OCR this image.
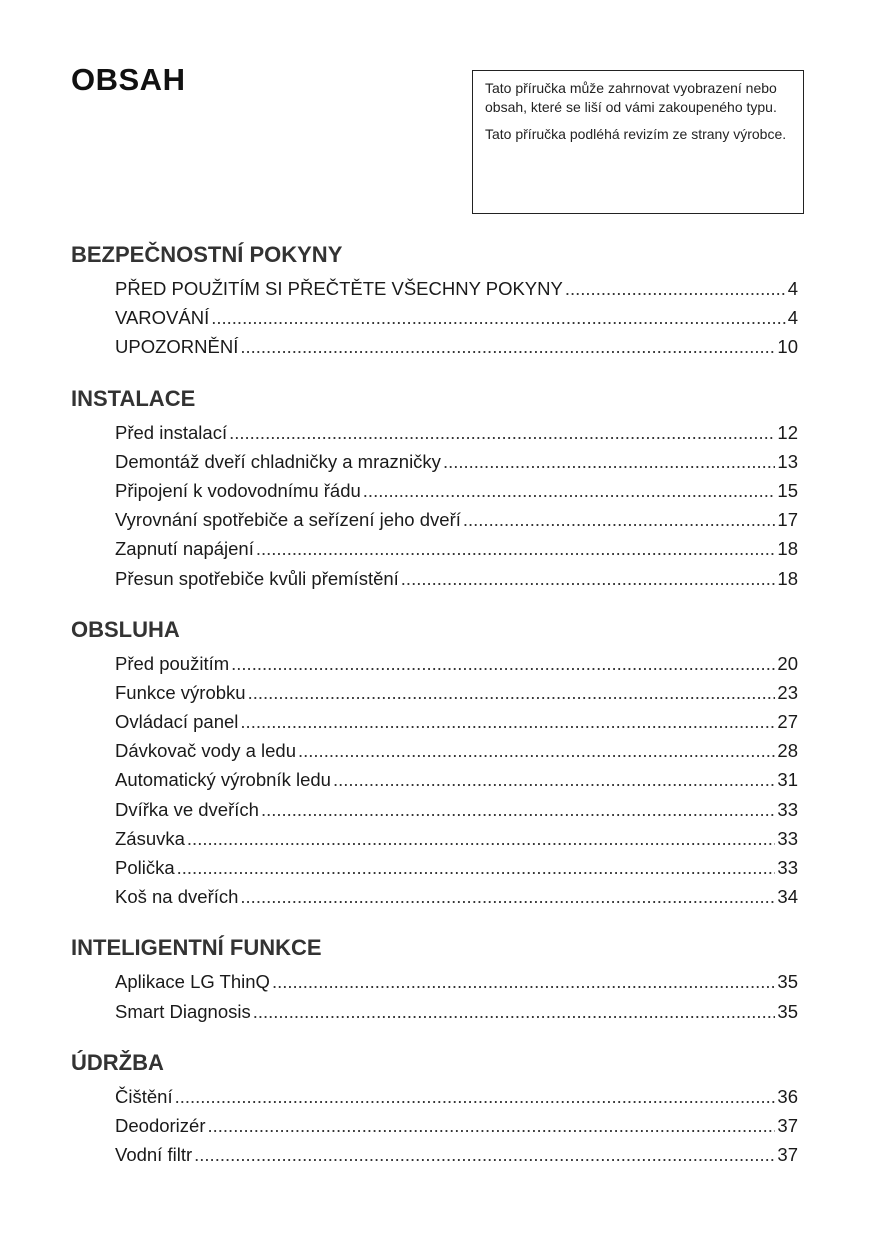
OBSAH	Tato příručka může zahrnovat vyobrazení nebo obsah, které se liší od vámi zakoupeného typu.

Tato příručka podléhá revizím ze strany výrobce.

BEZPEČNOSTNÍ POKYNY
PŘED POUŽITÍM SI PŘEČTĚTE VŠECHNY POKYNY .....	4
VAROVÁNÍ .....	4
UPOZORNĚNÍ .....	10
INSTALACE
Před instalací .....	12
Demontáž dveří chladničky a mrazničky .....	13
Připojení k vodovodnímu řádu .....	15
Vyrovnání spotřebiče a seřízení jeho dveří .....	17
Zapnutí napájení .....	18
Přesun spotřebiče kvůli přemístění .....	18
OBSLUHA
Před použitím .....	20
Funkce výrobku .....	23
Ovládací panel .....	27
Dávkovač vody a ledu .....	28
Automatický výrobník ledu .....	31
Dvířka ve dveřích .....	33
Zásuvka .....	33
Polička .....	33
Koš na dveřích .....	34
INTELIGENTNÍ FUNKCE
Aplikace LG ThinQ .....	35
Smart Diagnosis .....	35
ÚDRŽBA
Čištění .....	36
Deodorizér .....	37
Vodní filtr .....	37
